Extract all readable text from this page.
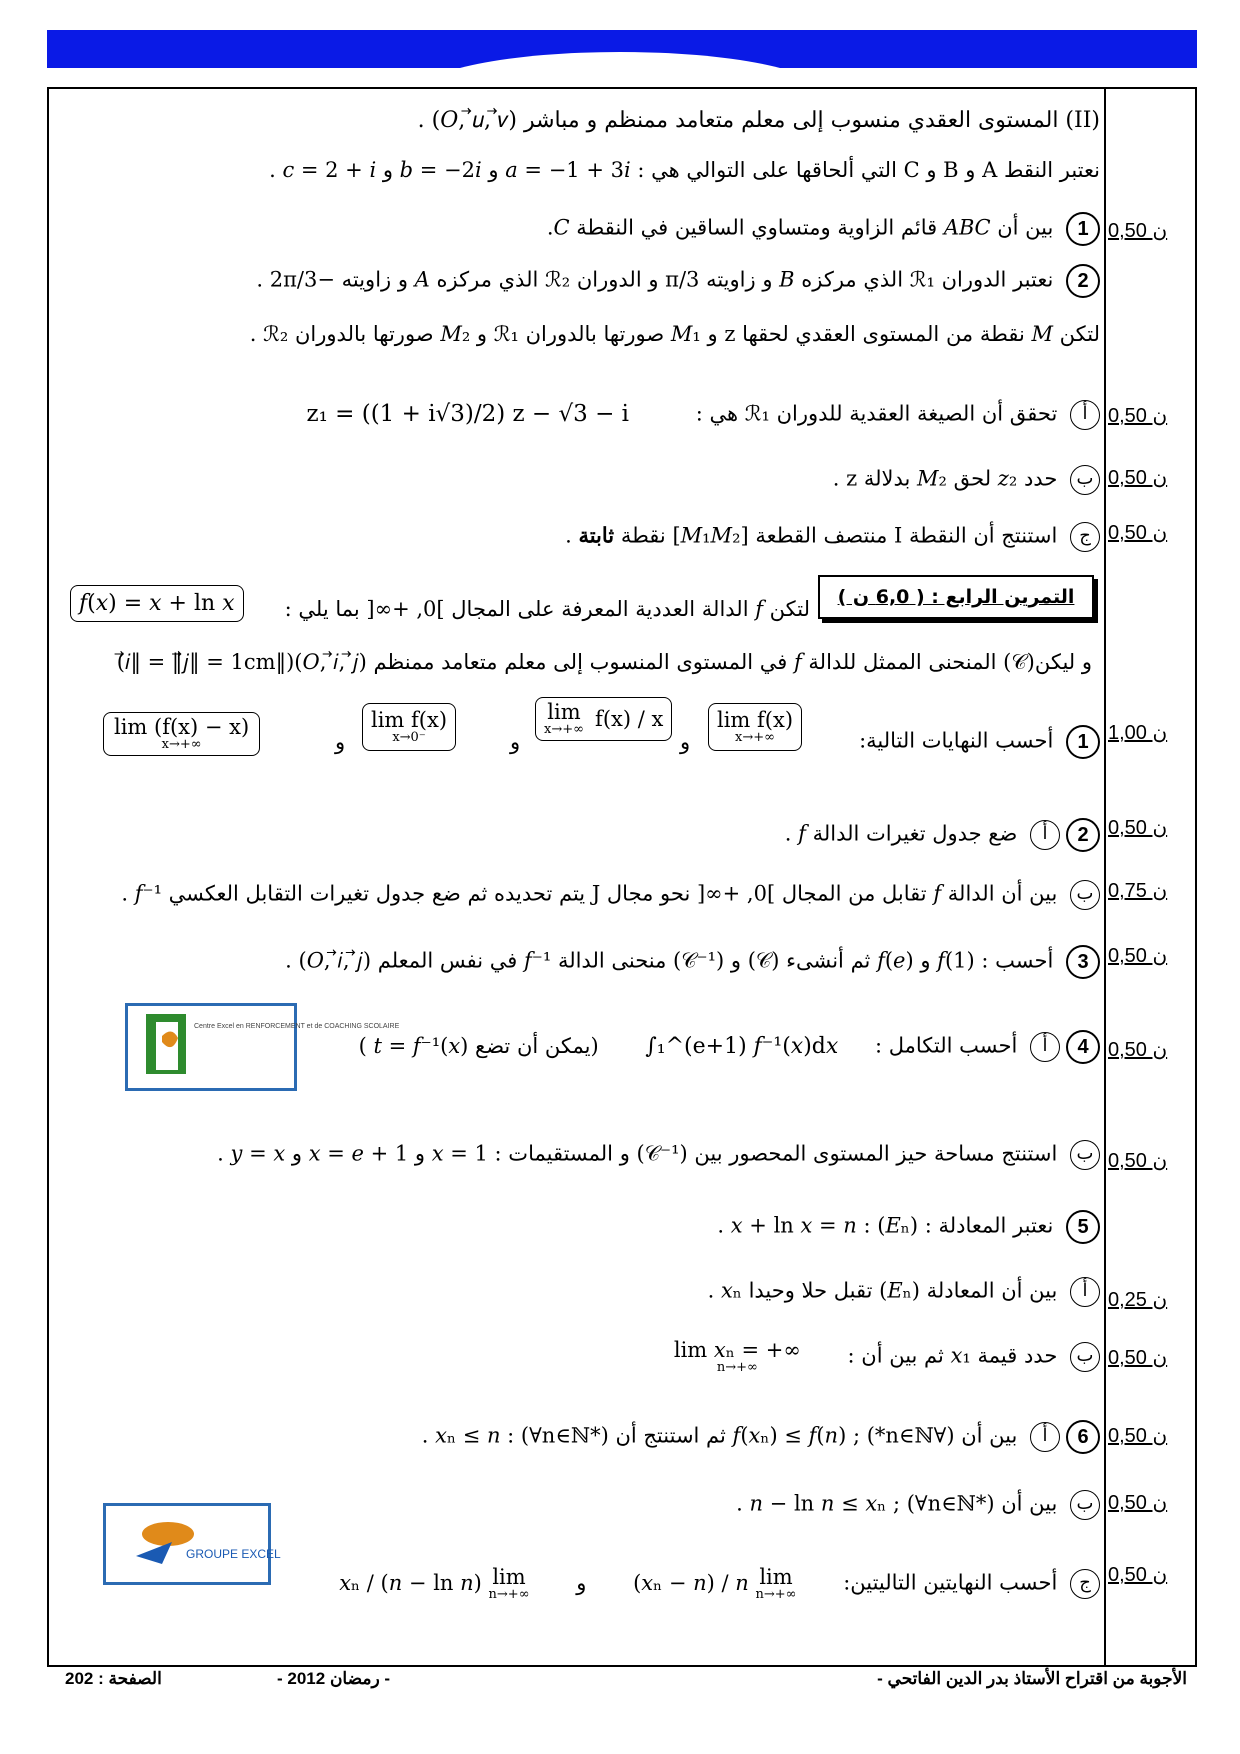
(II) المستوى العقدي منسوب إلى معلم متعامد ممنظم و مباشر (𝑂, 𝑢⃗, 𝑣⃗) .
نعتبر النقط A و B و C التي ألحاقها على التوالي هي : 𝑎 = −1 + 3𝑖 و 𝑏 = −2𝑖 و 𝑐 = 2 + 𝑖 .
1 بين أن 𝐴𝐵𝐶 قائم الزاوية ومتساوي الساقين في النقطة 𝐶.
2 نعتبر الدوران ℛ₁ الذي مركزه 𝐵 و زاويته π/3 و الدوران ℛ₂ الذي مركزه 𝐴 و زاويته −2π/3 .
لتكن 𝑀 نقطة من المستوى العقدي لحقها z و 𝑀₁ صورتها بالدوران ℛ₁ و 𝑀₂ صورتها بالدوران ℛ₂ .
أ تحقق أن الصيغة العقدية للدوران ℛ₁ هي : z₁ = ((1 + i√3)/2) z − √3 − i
ب حدد 𝑧₂ لحق 𝑀₂ بدلالة z .
ج استنتج أن النقطة I منتصف القطعة [𝑀₁𝑀₂] نقطة ثابتة .
التمرين الرابع : ( 6,0 ن )
لتكن 𝑓 الدالة العددية المعرفة على المجال ]0, +∞[ بما يلي :
𝑓(𝑥) = 𝑥 + ln 𝑥
و ليكن(𝒞) المنحنى الممثل للدالة 𝑓 في المستوى المنسوب إلى معلم متعامد ممنظم (𝑂, 𝑖⃗, 𝑗⃗)(‖𝑖⃗‖ = ‖𝑗⃗‖ = 1cm)
1 أحسب النهايات التالية:
lim f(x)
x→+∞
و
lim
x→+∞ f(x) / x
و
lim f(x)
x→0⁻
و
lim (f(x) − x)
x→+∞
2أ ضع جدول تغيرات الدالة 𝑓 .
ب بين أن الدالة 𝑓 تقابل من المجال ]0, +∞[ نحو مجال J يتم تحديده ثم ضع جدول تغيرات التقابل العكسي 𝑓⁻¹ .
3 أحسب : 𝑓(1) و 𝑓(𝑒) ثم أنشىء (𝒞) و (𝒞⁻¹) منحنى الدالة 𝑓⁻¹ في نفس المعلم (𝑂, 𝑖⃗, 𝑗⃗) .
Centre Excel en RENFORCEMENT et de COACHING SCOLAIRE
4أ أحسب التكامل : ∫₁^(e+1) 𝑓⁻¹(𝑥)d𝑥 (يمكن أن تضع 𝑡 = 𝑓⁻¹(𝑥) )
ب استنتج مساحة حيز المستوى المحصور بين (𝒞⁻¹) و المستقيمات : 𝑥 = 1 و 𝑥 = 𝑒 + 1 و 𝑦 = 𝑥 .
5 نعتبر المعادلة : (𝐸ₙ) : 𝑥 + ln 𝑥 = 𝑛 .
أ بين أن المعادلة (𝐸ₙ) تقبل حلا وحيدا 𝑥ₙ .
ب حدد قيمة 𝑥₁ ثم بين أن :
lim 𝑥ₙ = +∞
n→+∞
6أ بين أن (∀n∈ℕ*) ; 𝑓(𝑥ₙ) ≤ 𝑓(𝑛) ثم استنتج أن 𝑥ₙ ≤ 𝑛 : (∀n∈ℕ*) .
ب بين أن 𝑛 − ln 𝑛 ≤ 𝑥ₙ ; (∀n∈ℕ*) .
GROUPE EXCEL
ج أحسب النهايتين التاليتين:
lim
n→+∞
(𝑥ₙ − 𝑛) / 𝑛 و
lim
n→+∞
𝑥ₙ / (𝑛 − ln 𝑛)
0,50 ن
0,50 ن
0,50 ن
0,50 ن
1,00 ن
0,50 ن
0,75 ن
0,50 ن
0,50 ن
0,50 ن
0,25 ن
0,50 ن
0,50 ن
0,50 ن
0,50 ن
الصفحة : 202	- رمضان 2012 -	الأجوبة من اقتراح الأستاذ بدر الدين الفاتحي -
